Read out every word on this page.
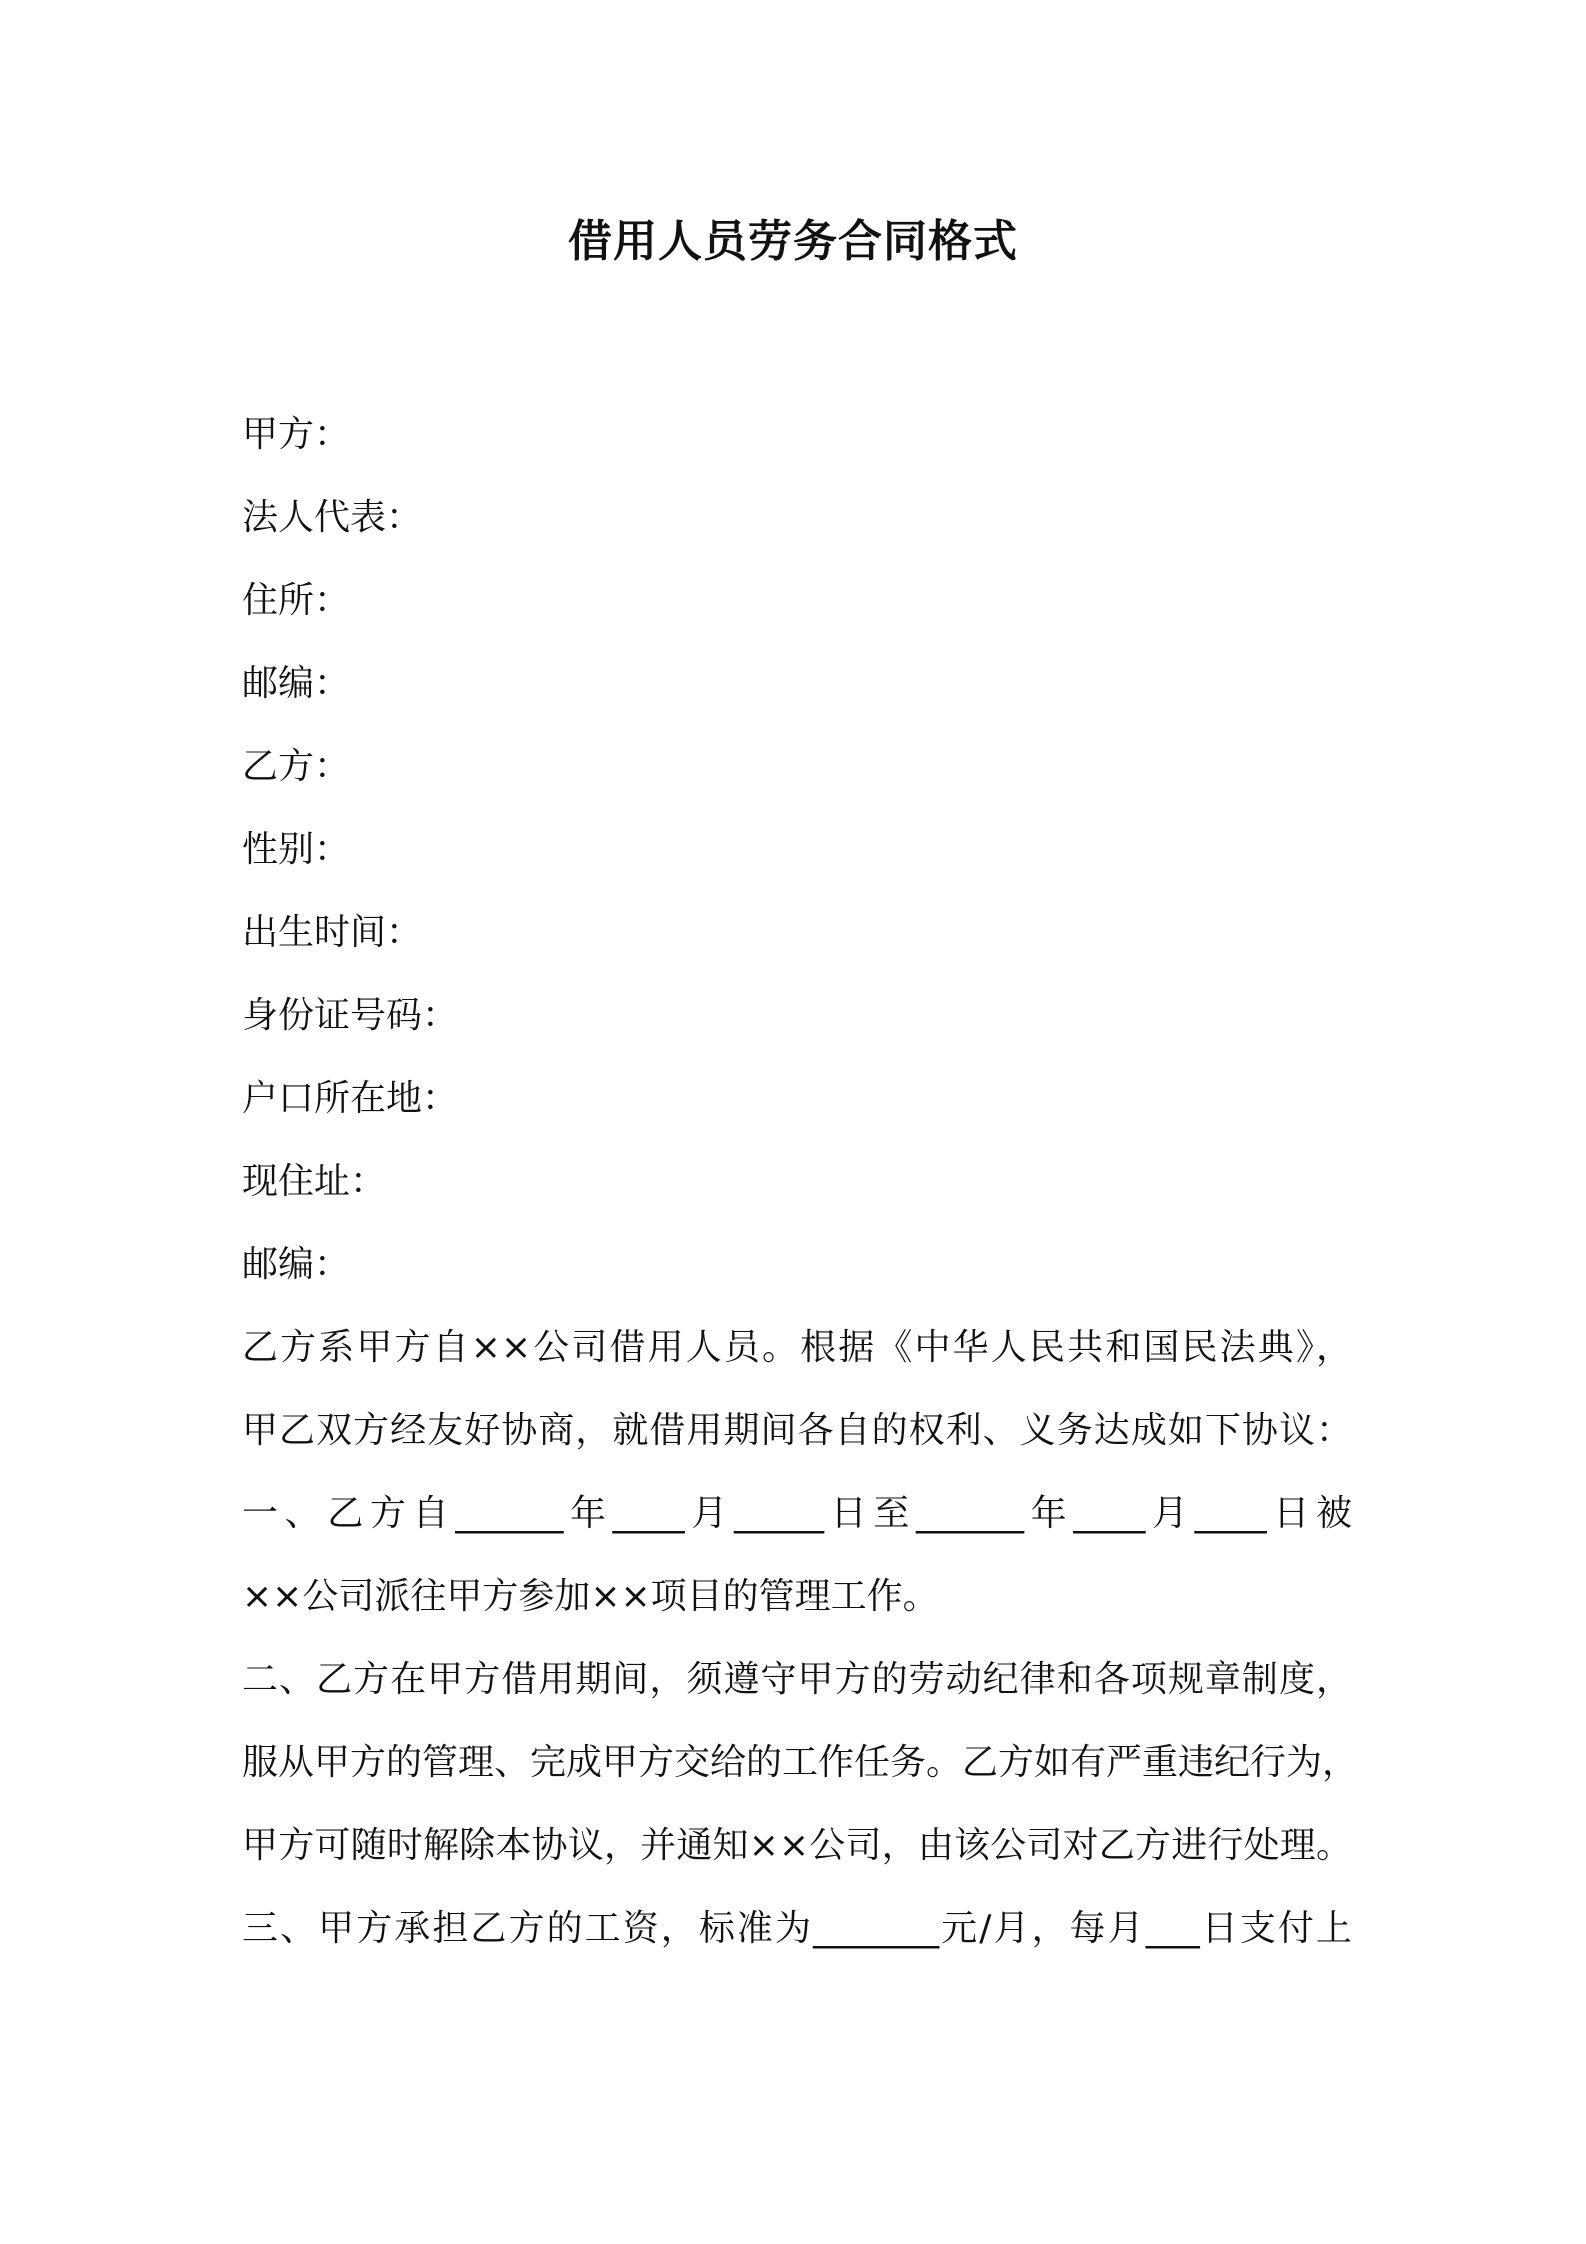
借用人员劳务合同格式
甲方：
法人代表：
住所：
邮编：
乙方：
性别：
出生时间：
身份证号码：
户口所在地：
现住址：
邮编：
乙方系甲方自××公司借用人员。根据《中华人民共和国民法典》，
甲乙双方经友好协商，就借用期间各自的权利、义务达成如下协议：
一、乙方自______年____月_____日至______年____月____日被
××公司派往甲方参加××项目的管理工作。
二、乙方在甲方借用期间，须遵守甲方的劳动纪律和各项规章制度，
服从甲方的管理、完成甲方交给的工作任务。乙方如有严重违纪行为，
甲方可随时解除本协议，并通知××公司，由该公司对乙方进行处理。
三、甲方承担乙方的工资，标准为_______元/月，每月___日支付上
